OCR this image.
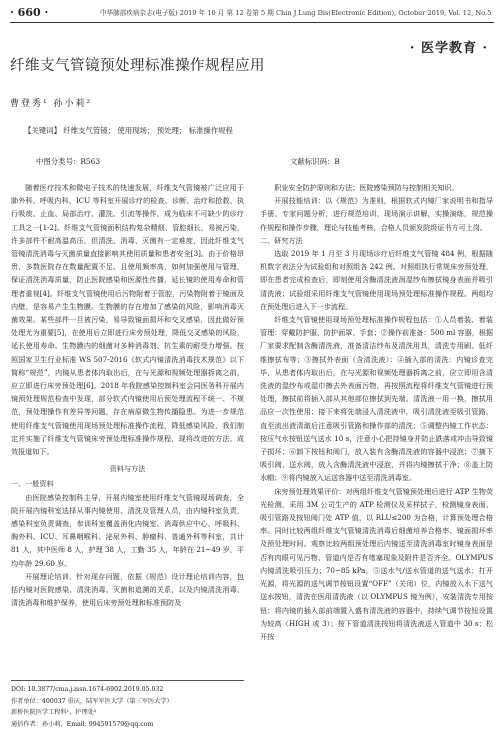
· 660 ·	中华肺部疾病杂志(电子版) 2019 年 10 月 第 12 卷第 5 期 Chin J Lung Dis(Electronic Edition), October 2019, Vol. 12, No.5
· 医学教育 ·
纤维支气管镜预处理标准操作规程应用
曹登秀¹ 孙小莉²
【关键词】 纤维支气管镜； 使用现场； 预处理； 标准操作规程
中图分类号：R563	文献标识码：B

随着医疗技术和微电子技术的快速发展，纤维支气管镜被广泛应用于肺外科、呼吸内科、ICU 等科室开展诊疗的检查、诊断、治疗和抢救、执行吸痰、止血、局部治疗、灌洗、引流等操作，成为临床不可缺少的诊疗工具之一[1-2]。纤维支气管镜面积结构复杂精细、管腔细长，易被污染，许多部件不耐高温高压，但清洗、消毒、灭菌有一定难度，因此纤维支气管镜清洗消毒与灭菌质量直接影响其使用质量和患者安全[3]。由于价格昂贵，多数医院存在数量配置不足、且使用频率高，如何加强使用与管理，保证清洗消毒质量，防止医院感染和医源性传播，延长镜的使用寿命和管理者重视[4]。纤维支气管镜使用后污物附着于管腔，污染物附着于镜面及内壁，是容易产生生物膜。生物膜的存在增加了感染的风险，影响消毒灭菌效果。某些部件一旦被污染，易导致镜面损坏和交叉感染，因此做好预处理尤为重要[5]，在使用后立即进行床旁预处理，降低交叉感染的风险，延长使用寿命。生物膜内的细菌对多种消毒剂、抗生素的耐受力增强。按照国家卫生行业标准 WS 507-2016《软式内镜清洗消毒技术规范》以下简称“规范”，内镜从患者体内取出后，在与光源和视频处理器拆离之前，应立即进行床旁预处理[6]。2018 年我院感染控制科室会同医务科开展内镜预处理规范检查中发现，部分软式内镜使用后预处理流程不统一、不规范，预处理操作有差异等问题，存在病原微生物传播隐患。为进一步规范使用纤维支气管镜使用现场预处理标准操作流程，降低感染风险，我们制定并实施了纤维支气管镜床旁预处理标准操作规程，现将改进的方法、成效报道如下。

资料与方法

一、一般资料

由医院感染控制科主导，开展内镜室使用纤维支气管镜现场调查，全院开展内镜科室选择从事内镜使用、清洗及管理人员，由内镜科室负责，感染科室负责调查，参训科室覆盖消化内镜室、消毒供应中心、呼吸科、胸外科、ICU、耳鼻咽喉科、泌尿外科、肿瘤科、普通外科等科室，共计 81 人，其中医师 8 人，护理 38 人，工勤 35 人，年龄在 21~49 岁，平均年龄 29.60 岁。

开展理论培训，针对现存问题，依据《规范》设计理论培训内容，包括内镜对医院感染、清洗消毒、灭菌和追溯的关系，以及内镜清洗消毒、清洗消毒和维护保养，使用后床旁预处理和标准预防及

职业安全防护原则和方法；医院感染预防与控制相关知识。

开展技能培训：以《规范》为准则，根据软式内镜厂家说明书和指导手册，专家问题分析，进行规范培训，现场演示讲解，实操演练，规范操作规程和操作步骤，理论与技能考核，合格人员颁发院级证书方可上岗。

二、研究方法

选取 2019 年 1 月至 3 月现场诊疗后纤维支气管镜 484 例，根据随机数字表法分为试验组和对照组各 242 例。对照组执行常规床旁预处理，即在患者完成检查后，即刻使用含酶清洗液润湿纱布擦拭镜身表面并吸引清洗液；试验组采用纤维支气管镜使用现场预处理标准操作规程。两组均在预处理后进入下一步流程。

纤维支气管镜使用现场预处理标准操作规程包括：①人员着装、着装管理：穿戴防护服、防护面罩、手套；②操作前准备：500 ml 容器，根据厂家要求配制含酶清洗液，准备清洁纱布及清洗用具，清洗专用刷、低纤维擦拭布等；③擦拭外表面（含清洗液）：④插入部的清洗：内镜诊查完毕，从患者体内取出后，在与光源和视频处理器拆离之前，应立即用含清洗液的湿纱布或湿巾擦去外表面污物，再按照流程将纤维支气管镜进行预处理，擦拭前将插入部从其他部位擦拭到先端。清洗液一用一换，擦拭用品应一次性使用；接下来将先端浸入清洗液中，吸引清洗液至吸引管路，直至流出液清澈后注意吸引管路和操作部的清洗；⑤调整内镜工作状态：按压气水按钮送气送水 10 s，注意小心把持镜身并防止跌落或冲击导致镜子损坏；⑥卸下按钮和阀门，放入装有含酶清洗液的容器中浸泡；⑦摘下吸引阀、送水阀，放入含酶清洗液中浸泡，并将内镜擦拭干净；⑧盖上防水帽；⑨将内镜放入运送容器中送至清洗消毒室。

床旁预处理效果评价：对两组纤维支气管镜预处理后进行 ATP 生物荧光检测，采用 3M 公司生产的 ATP 检测仪及采样拭子，检测镜身表面、吸引管路及按钮阀门处 ATP 值，以 RLU≤200 为合格，计算预处理合格率。同时比较两组纤维支气管镜清洗消毒后细菌培养合格率、镜面损坏率及预处理时间。观察比较两组预处理后内镜送至清洗消毒室时镜身表面是否有肉眼可见污物、管道内是否有堵塞现象及附件是否齐全。OLYMPUS 内镜清洗吸引压力；70~85 kPa，⑤送水气/送水管道的送气送水；打开光源，将光源的送气调节按钮设置“OFF”（关闭）位，内镜放入水下送气送水按钮，清洗在医用清洗液（以 OLYMPUS 镜为例），安装清洗专用按钮；将内镜的插入部前端置入盛有清洗液的容器中，持续气调节按钮设置为较高（HIGH 或 3）；按下管道清洗按钮将清洗液送入管道中 30 s；松开按

DOI: 10.3877/cma.j.issn.1674-6902.2019.05.032
作者单位：400037 重庆，陆军军医大学（第三军医大学）
新桥医院医学工程科¹，护理处²
通信作者：孙小莉，Email: 994591579@qq.com
